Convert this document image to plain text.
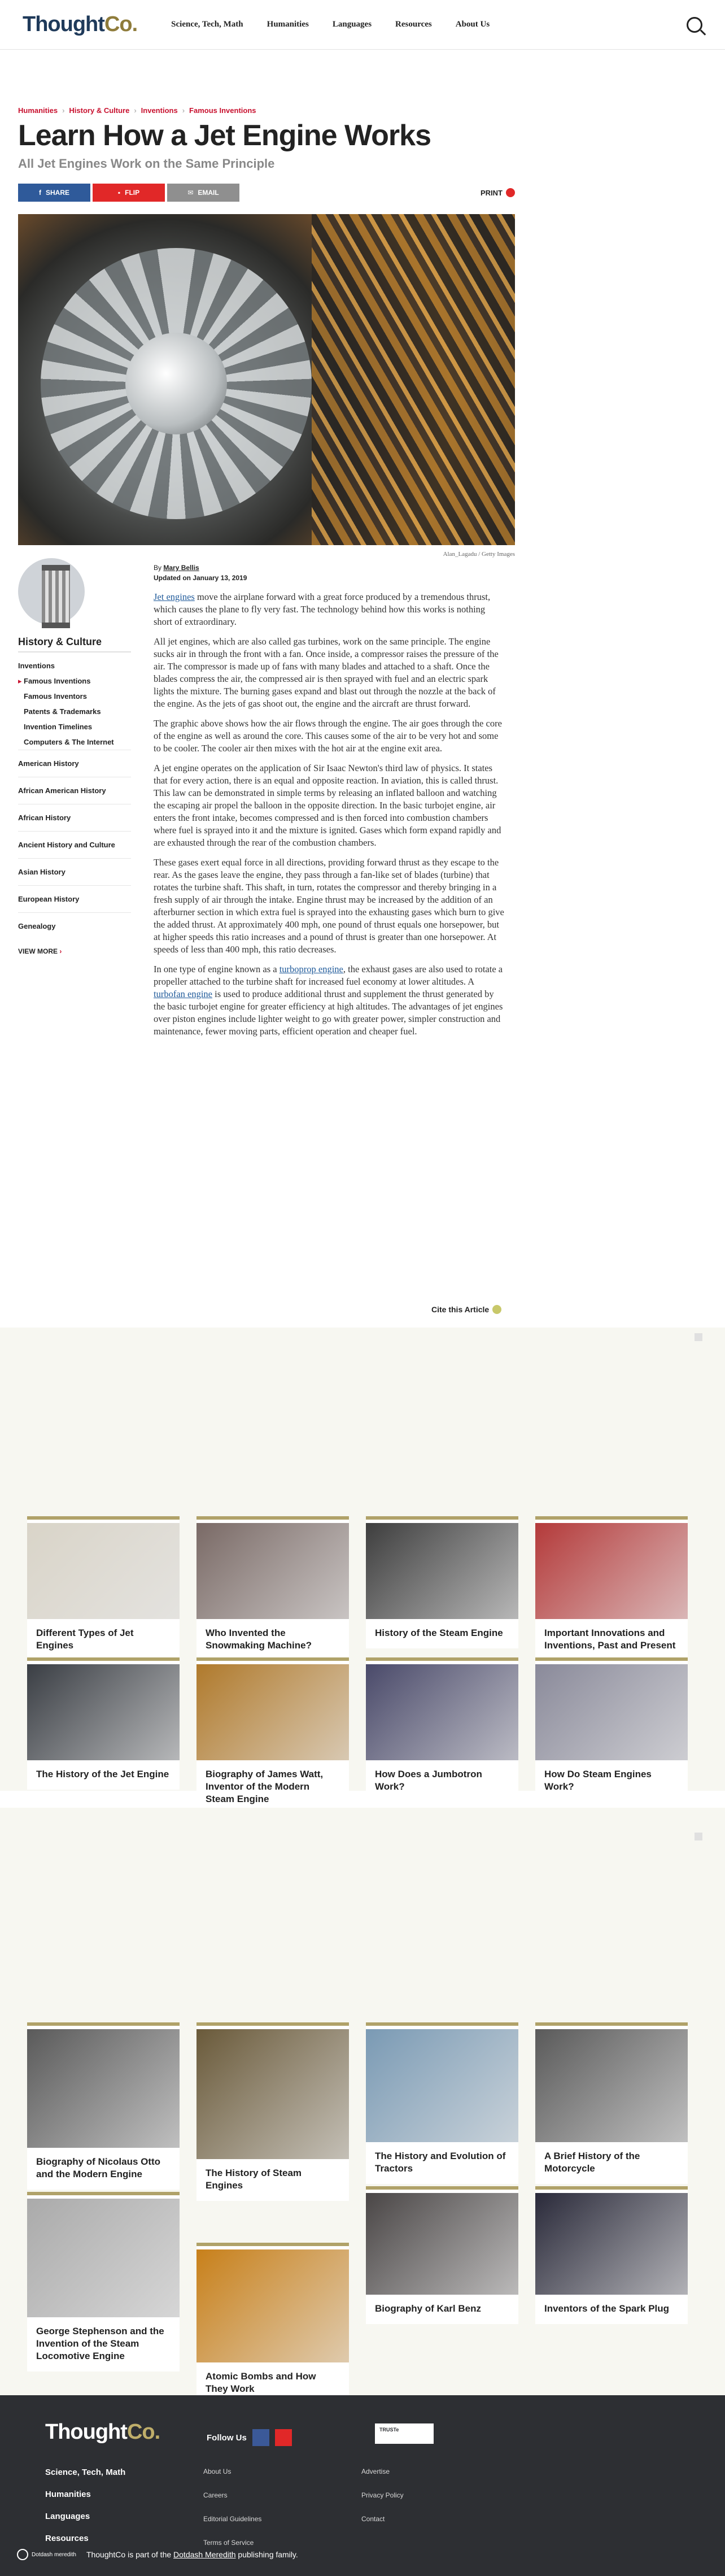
ThoughtCo.	Science, Tech, Math	Humanities	Languages	Resources	About Us
Humanities › History & Culture › Inventions › Famous Inventions
Learn How a Jet Engine Works
All Jet Engines Work on the Same Principle
f SHARE	▪ FLIP	✉ EMAIL	PRINT
Alan_Lagadu / Getty Images
History & Culture
Inventions
▸ Famous Inventions
Famous Inventors
Patents & Trademarks
Invention Timelines
Computers & The Internet
American History
African American History
African History
Ancient History and Culture
Asian History
European History
Genealogy
VIEW MORE ›
By Mary Bellis
Updated on January 13, 2019

Jet engines move the airplane forward with a great force produced by a tremendous thrust, which causes the plane to fly very fast. The technology behind how this works is nothing short of extraordinary.

All jet engines, which are also called gas turbines, work on the same principle. The engine sucks air in through the front with a fan. Once inside, a compressor raises the pressure of the air. The compressor is made up of fans with many blades and attached to a shaft. Once the blades compress the air, the compressed air is then sprayed with fuel and an electric spark lights the mixture. The burning gases expand and blast out through the nozzle at the back of the engine. As the jets of gas shoot out, the engine and the aircraft are thrust forward.

The graphic above shows how the air flows through the engine. The air goes through the core of the engine as well as around the core. This causes some of the air to be very hot and some to be cooler. The cooler air then mixes with the hot air at the engine exit area.

A jet engine operates on the application of Sir Isaac Newton's third law of physics. It states that for every action, there is an equal and opposite reaction. In aviation, this is called thrust. This law can be demonstrated in simple terms by releasing an inflated balloon and watching the escaping air propel the balloon in the opposite direction. In the basic turbojet engine, air enters the front intake, becomes compressed and is then forced into combustion chambers where fuel is sprayed into it and the mixture is ignited. Gases which form expand rapidly and are exhausted through the rear of the combustion chambers.

These gases exert equal force in all directions, providing forward thrust as they escape to the rear. As the gases leave the engine, they pass through a fan-like set of blades (turbine) that rotates the turbine shaft. This shaft, in turn, rotates the compressor and thereby bringing in a fresh supply of air through the intake. Engine thrust may be increased by the addition of an afterburner section in which extra fuel is sprayed into the exhausting gases which burn to give the added thrust. At approximately 400 mph, one pound of thrust equals one horsepower, but at higher speeds this ratio increases and a pound of thrust is greater than one horsepower. At speeds of less than 400 mph, this ratio decreases.

In one type of engine known as a turboprop engine, the exhaust gases are also used to rotate a propeller attached to the turbine shaft for increased fuel economy at lower altitudes. A turbofan engine is used to produce additional thrust and supplement the thrust generated by the basic turbojet engine for greater efficiency at high altitudes. The advantages of jet engines over piston engines include lighter weight to go with greater power, simpler construction and maintenance, fewer moving parts, efficient operation and cheaper fuel.

Cite this Article
Different Types of Jet Engines
Who Invented the Snowmaking Machine?
History of the Steam Engine	Important Innovations and Inventions, Past and Present
The History of the Jet Engine	Biography of James Watt, Inventor of the Modern Steam Engine
How Does a Jumbotron Work?
How Do Steam Engines Work?
Biography of Nicolaus Otto and the Modern Engine	The History of Steam Engines
The History and Evolution of Tractors
A Brief History of the Motorcycle
George Stephenson and the Invention of the Steam Locomotive Engine
Atomic Bombs and How They Work
Biography of Karl Benz	Inventors of the Spark Plug
ThoughtCo.	Follow Us
TRUSTe
Science, Tech, Math
Humanities
Languages
Resources
About Us
Careers
Editorial Guidelines
Terms of Service
Advertise
Privacy Policy
Contact
Dotdash meredith ThoughtCo is part of the Dotdash Meredith publishing family.
